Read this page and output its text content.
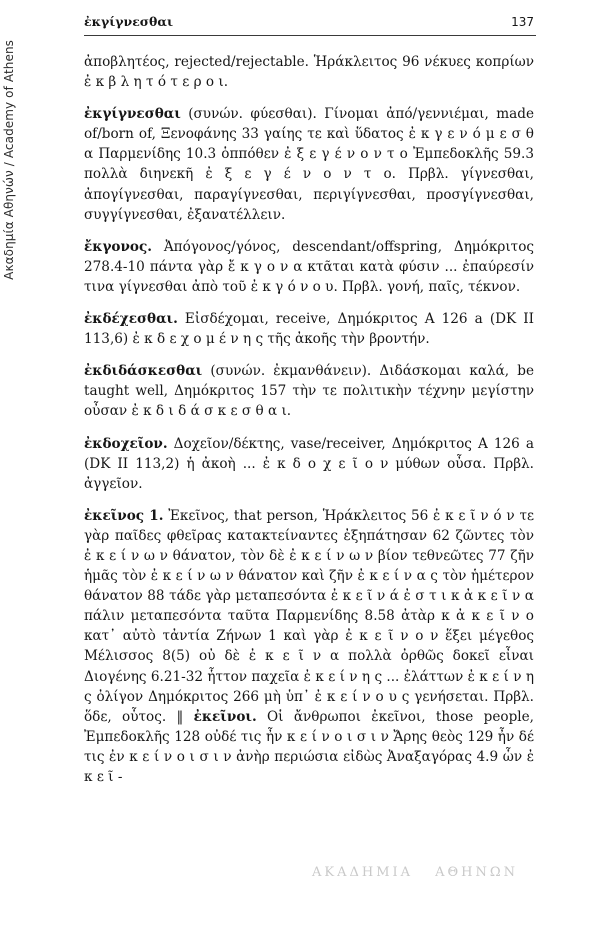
Ακαδημία Αθηνών / Academy of Athens
ἐκγίγνεσθαι	137
ἀποβλητέος, rejected/rejectable. Ἡράκλειτος 96 νέκυες κοπρίων ἐ κ β λ η τ ό τ ε ρ ο ι.
ἐκγίγνεσθαι (συνών. φύεσθαι). Γίνομαι ἀπό/γεννιέμαι, made of/born of, Ξενοφάνης 33 γαίης τε καὶ ὕδατος ἐ κ γ ε ν ό μ ε σ θ α Παρμενίδης 10.3 ὁππόθεν ἐ ξ ε γ έ ν ο ν τ ο Ἐμπεδοκλῆς 59.3 πολλὰ διηνεκῆ ἐ ξ ε γ έ ν ο ν τ ο. Πρβλ. γίγνεσθαι, ἀπογίγνεσθαι, παραγίγνεσθαι, περιγίγνεσθαι, προσγίγνεσθαι, συγγίγνεσθαι, ἐξανατέλλειν.
ἔκγονος. Ἀπόγονος/γόνος, descendant/offspring, Δημόκριτος 278.4-10 πάντα γὰρ ἔ κ γ ο ν α κτᾶται κατὰ φύσιν ... ἐπαύρεσίν τινα γίγνεσθαι ἀπὸ τοῦ ἐ κ γ ό ν ο υ. Πρβλ. γονή, παῖς, τέκνον.
ἐκδέχεσθαι. Εἰσδέχομαι, receive, Δημόκριτος Α 126 a (DK II 113,6) ἐ κ δ ε χ ο μ έ ν η ς τῆς ἀκοῆς τὴν βροντήν.
ἐκδιδάσκεσθαι (συνών. ἐκμανθάνειν). Διδάσκομαι καλά, be taught well, Δημόκριτος 157 τὴν τε πολιτικὴν τέχνην μεγίστην οὖσαν ἐ κ δ ι δ ά σ κ ε σ θ α ι.
ἐκδοχεῖον. Δοχεῖον/δέκτης, vase/receiver, Δημόκριτος Α 126 a (DK II 113,2) ἡ ἀκοὴ ... ἐ κ δ ο χ ε ῖ ο ν μύθων οὖσα. Πρβλ. ἀγγεῖον.
ἐκεῖνος 1. Ἐκεῖνος, that person, Ἡράκλειτος 56 ἐ κ ε ῖ ν ό ν τε γὰρ παῖδες φθεῖρας κατακτείναντες ἐξηπάτησαν 62 ζῶντες τὸν ἐ κ ε ί ν ω ν θάνατον, τὸν δὲ ἐ κ ε ί ν ω ν βίον τεθνεῶτες 77 ζῆν ἡμᾶς τὸν ἐ κ ε ί ν ω ν θάνατον καὶ ζῆν ἐ κ ε ί ν α ς τὸν ἡμέτερον θάνατον 88 τάδε γὰρ μεταπεσόντα ἐ κ ε ῖ ν ά ἐ σ τ ι κ ἀ κ ε ῖ ν α πάλιν μεταπεσόντα ταῦτα Παρμενίδης 8.58 ἀτὰρ κ ἀ κ ε ῖ ν ο κατ᾽ αὐτὸ τἀντία Ζήνων 1 καὶ γὰρ ἐ κ ε ῖ ν ο ν ἕξει μέγεθος Μέλισσος 8(5) οὐ δὲ ἐ κ ε ῖ ν α πολλὰ ὀρθῶς δοκεῖ εἶναι Διογένης 6.21-32 ἧττον παχεῖα ἐ κ ε ί ν η ς ... ἐλάττων ἐ κ ε ί ν η ς ὀλίγον Δημόκριτος 266 μὴ ὑπ᾽ ἐ κ ε ί ν ο υ ς γενήσεται. Πρβλ. ὅδε, οὗτος. ‖ ἐκεῖνοι. Οἱ ἄνθρωποι ἐκεῖνοι, those people, Ἐμπεδοκλῆς 128 οὐδέ τις ἦν κ ε ί ν ο ι σ ι ν Ἄρης θεὸς 129 ἦν δέ τις ἐν κ ε ί ν ο ι σ ι ν ἀνὴρ περιώσια εἰδὼς Ἀναξαγόρας 4.9 ὧν ἐ κ ε ῖ -
ΑΚΑΔΗΜΙΑ ΑΘΗΝΩΝ
